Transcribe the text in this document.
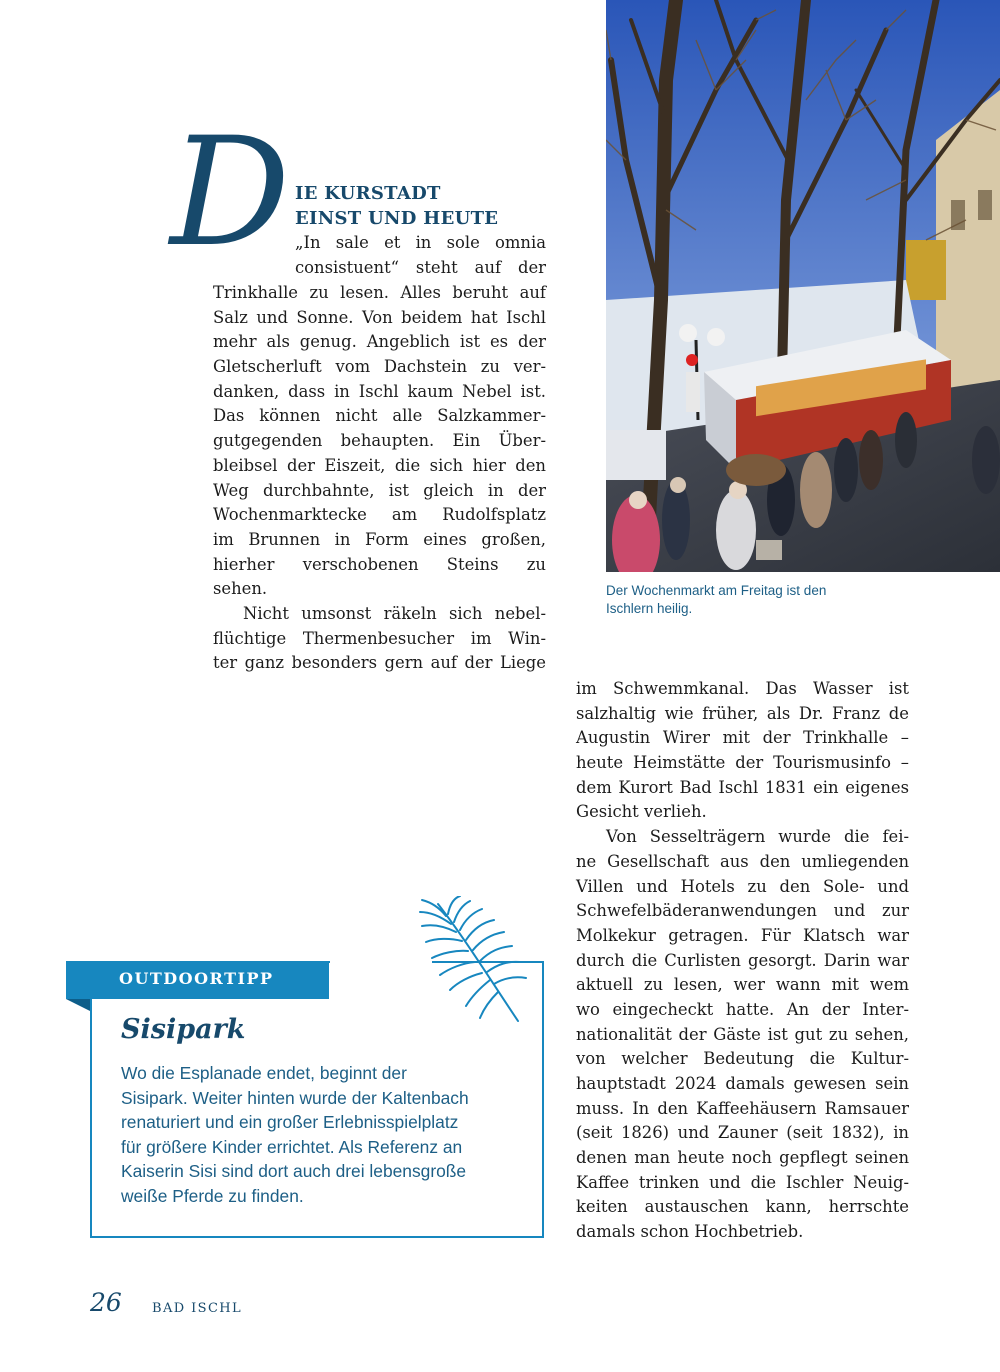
D IE KURSTADT
EINST UND HEUTE
„In sale et in sole omnia
consistuent“ steht auf der
Trinkhalle zu lesen. Alles beruht auf
Salz und Sonne. Von beidem hat Ischl
mehr als genug. Angeblich ist es der
Gletscherluft vom Dachstein zu ver-
danken, dass in Ischl kaum Nebel ist.
Das können nicht alle Salzkammer-
gutgegenden behaupten. Ein Über-
bleibsel der Eiszeit, die sich hier den
Weg durchbahnte, ist gleich in der
Wochenmarktecke am Rudolfsplatz
im Brunnen in Form eines großen,
hierher verschobenen Steins zu
sehen.
Nicht umsonst räkeln sich nebel-
flüchtige Thermenbesucher im Win-
ter ganz besonders gern auf der Liege
Der Wochenmarkt am Freitag ist den
Ischlern heilig.
im Schwemmkanal. Das Wasser ist
salzhaltig wie früher, als Dr. Franz de
Augustin Wirer mit der Trinkhalle –
heute Heimstätte der Tourismusinfo –
dem Kurort Bad Ischl 1831 ein eigenes
Gesicht verlieh.
Von Sesselträgern wurde die fei-
ne Gesellschaft aus den umliegenden
Villen und Hotels zu den Sole- und
Schwefelbäderanwendungen und zur
Molkekur getragen. Für Klatsch war
durch die Curlisten gesorgt. Darin war
aktuell zu lesen, wer wann mit wem
wo eingecheckt hatte. An der Inter-
nationalität der Gäste ist gut zu sehen,
von welcher Bedeutung die Kultur-
hauptstadt 2024 damals gewesen sein
muss. In den Kaffeehäusern Ramsauer
(seit 1826) und Zauner (seit 1832), in
denen man heute noch gepflegt seinen
Kaffee trinken und die Ischler Neuig-
keiten austauschen kann, herrschte
damals schon Hochbetrieb.
OUTDOORTIPP
Sisipark
Wo die Esplanade endet, beginnt der
Sisipark. Weiter hinten wurde der Kaltenbach
renaturiert und ein großer Erlebnisspielplatz
für größere Kinder errichtet. Als Referenz an
Kaiserin Sisi sind dort auch drei lebensgroße
weiße Pferde zu finden.
26 BAD ISCHL
